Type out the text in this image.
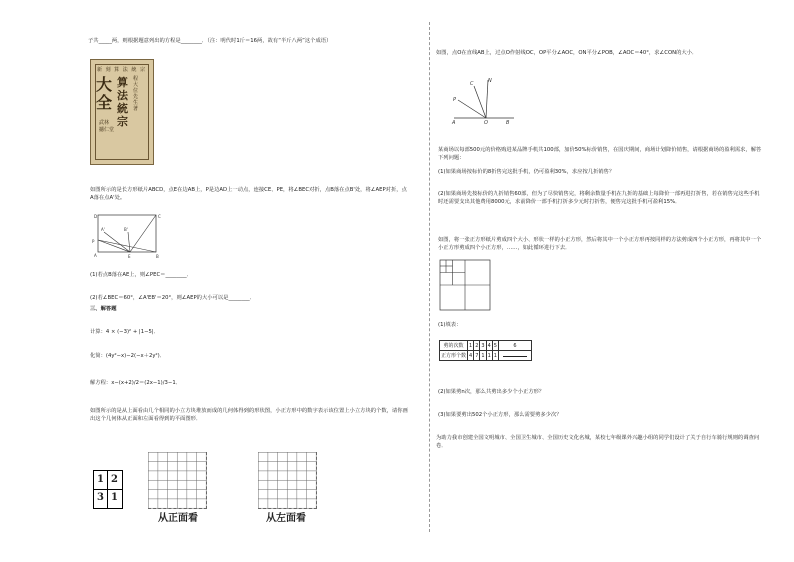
子共_____两，则根据题意列出的方程是________．（注：明代时1斤＝16两，故有“半斤八两”这个成语）
新 刻 算 法 統 宗
大全
算法統宗
程大位先生著
武林 攄仁堂
如图所示的是长方形纸片ABCD，点E在边AB上，P是边AD上一动点，连接CE、PE，将∠BEC对折，点B落在点B'处，将∠AEP对折，点A落在点A'处。
D	C
A	E	B
P
A'	B'
(1)若点B落在AE上，则∠PEC＝________．
(2)若∠BEC＝60°，∠A'EB'＝20°，则∠AEP的大小可以是________．
三、解答题
计算：4 × (−3)² + |1−5|．
化简：(4y²−x)−2(−x＋2y²)．
解方程：x−(x+2)/2＝(2x−1)/3−1．
如图所示的是从上面看由几个相同的小立方块堆放而成的几何体得到的形状图，小正方形中的数字表示该位置上小立方块的个数，请你画出这个几何体从正面和左面看得到的平面图形．
1 2
3 1
从正面看	从左面看
如图，点O在直线AB上，过点O作射线OC，OP平分∠AOC，ON平分∠POB，∠AOC＝40°，求∠CON的大小．
A	O	B
C	N
P
某商场以每部500元的价格购进某品牌手机共100部，加价50%标价销售，在国庆期间，商场计划降价销售，请根据商场的盈利需求，解答下列问题：
(1)如果商场按标价的8折售完这批手机，仍可盈利30%，求应按几折销售？
(2)如果商场先按标价的九折销售60部，但为了尽快销售完，将剩余数量手机在九折的基础上每降价一部再进打折售，若在销售完这些手机时还需要支出其他费用8000元，求前降价一部手机打折多少元时打折售，便售完这批手机可盈利15%．
如图，将一张正方形纸片剪成四个大小、形状一样的小正方形，然后将其中一个小正方形再按同样的方法剪成四个小正方形，再将其中一个小正方形剪成四个小正方形，……，如此循环进行下去．
(1)填表：
剪的次数	1	2	3	4	5	6
正方形个数	4	7	1	1	1	
(2)如果剪n次，那么共剪出多少个小正方形？
(3)如果要剪出502个小正方形，那么需要剪多少次？
为助力我市创建全国文明城市、全国卫生城市、全国历史文化名城，某校七年级课外兴趣小组的同学们设计了关于自行车骑行规则的调查问卷．
